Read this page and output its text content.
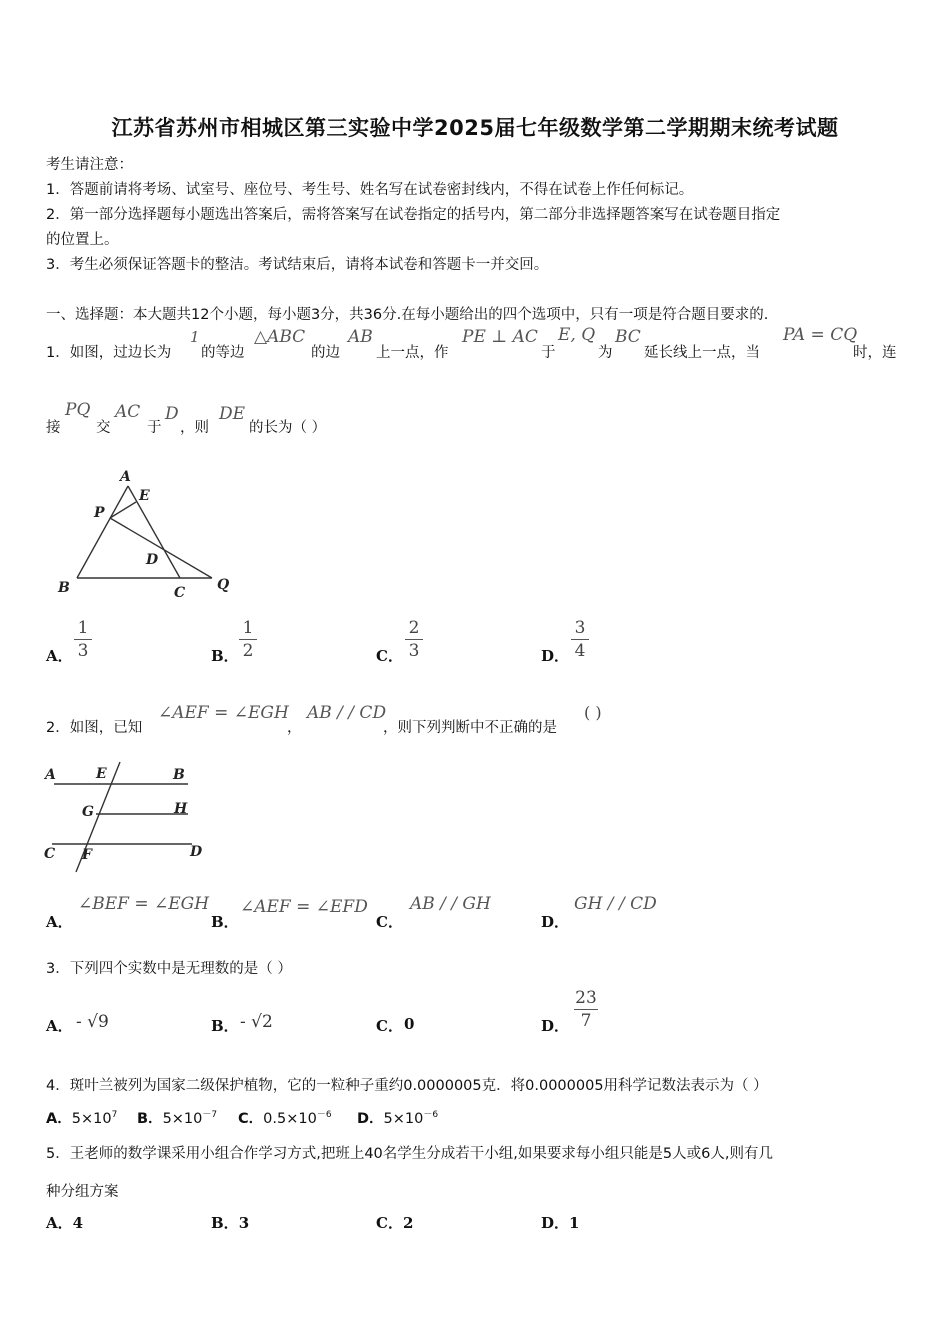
江苏省苏州市相城区第三实验中学2025届七年级数学第二学期期末统考试题
考生请注意：
1．答题前请将考场、试室号、座位号、考生号、姓名写在试卷密封线内，不得在试卷上作任何标记。
2．第一部分选择题每小题选出答案后，需将答案写在试卷指定的括号内，第二部分非选择题答案写在试卷题目指定
的位置上。
3．考生必须保证答题卡的整洁。考试结束后，请将本试卷和答题卡一并交回。
一、选择题：本大题共12个小题，每小题3分，共36分.在每小题给出的四个选项中，只有一项是符合题目要求的.
1．如图，过边长为
1
的等边
△ABC
的边
AB
上一点，作
PE ⊥ AC
于
E, Q
为
BC
延长线上一点，当
PA = CQ
时，连
接
PQ
交
AC
于
D
，则
DE
的长为（ ）
A
E
P
D
B	C Q
A．
1
3	B．
1
2	C．
2
3	D．
3
4
2．如图，已知
∠AEF = ∠EGH
，
AB / / CD
，则下列判断中不正确的是
( )
A	E	B
G	H
C F	D
A．
∠BEF = ∠EGH
B．
∠AEF = ∠EFD
C．
AB / / GH
D．
GH / / CD
3．下列四个实数中是无理数的是（ ）
A． - √9	B． - √2	C． 0	D．
23
7
4．斑叶兰被列为国家二级保护植物，它的一粒种子重约0.0000005克．将0.0000005用科学记数法表示为（ ）
A．$5\times 10^7$ B．$5\times 10^{-7}$ C．$0.5\times 10^{-6}$ D．$5\times 10^{-6}$
5．王老师的数学课采用小组合作学习方式,把班上40名学生分成若干小组,如果要求每小组只能是5人或6人,则有几
种分组方案
A．4	B．3	C．2	D．1
